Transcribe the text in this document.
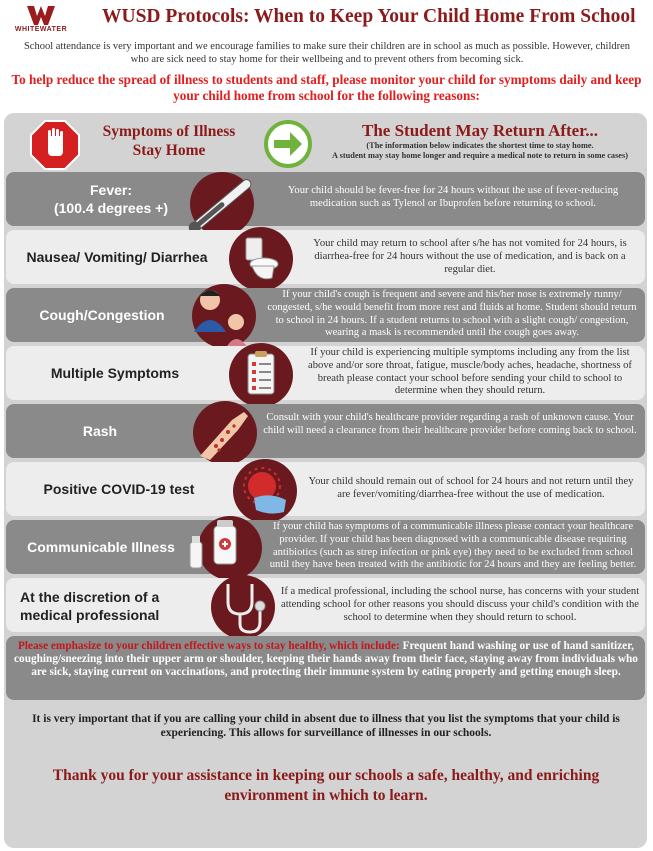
WHITEWATER
WUSD Protocols: When to Keep Your Child Home From School
School attendance is very important and we encourage families to make sure their children are in school as much as possible. However, children who are sick need to stay home for their wellbeing and to prevent others from becoming sick.
To help reduce the spread of illness to students and staff, please monitor your child for symptoms daily and keep your child home from school for the following reasons:
Symptoms of Illness
Stay Home
The Student May Return After...
(The information below indicates the shortest time to stay home.
A student may stay home longer and require a medical note to return in some cases)
Fever:
(100.4 degrees +)
Your child should be fever-free for 24 hours without the use of fever-reducing medication such as Tylenol or Ibuprofen before returning to school.
Nausea/ Vomiting/ Diarrhea
Your child may return to school after s/he has not vomited for 24 hours, is diarrhea-free for 24 hours without the use of medication, and is back on a regular diet.
Cough/Congestion
If your child's cough is frequent and severe and his/her nose is extremely runny/ congested, s/he would benefit from more rest and fluids at home. Student should return to school in 24 hours. If a student returns to school with a slight cough/ congestion, wearing a mask is recommended until the cough goes away.
Multiple Symptoms
If your child is experiencing multiple symptoms including any from the list above and/or sore throat, fatigue, muscle/body aches, headache, shortness of breath please contact your school before sending your child to school to determine when they should return.
Rash
Consult with your child's healthcare provider regarding a rash of unknown cause. Your child will need a clearance from their healthcare provider before coming back to school.
Positive COVID-19 test	Your child should remain out of school for 24 hours and not return until they are fever/vomiting/diarrhea-free without the use of medication.
Communicable Illness
If your child has symptoms of a communicable illness please contact your healthcare provider. If your child has been diagnosed with a communicable disease requiring antibiotics (such as strep infection or pink eye) they need to be excluded from school until they have been treated with the antibiotic for 24 hours and they are feeling better.
At the discretion of a medical professional
If a medical professional, including the school nurse, has concerns with your student attending school for other reasons you should discuss your child's condition with the school to determine when they should return to school.
Please emphasize to your children effective ways to stay healthy, which include: Frequent hand washing or use of hand sanitizer, coughing/sneezing into their upper arm or shoulder, keeping their hands away from their face, staying away from individuals who are sick, staying current on vaccinations, and protecting their immune system by eating properly and getting enough sleep.
It is very important that if you are calling your child in absent due to illness that you list the symptoms that your child is experiencing. This allows for surveillance of illnesses in our schools.
Thank you for your assistance in keeping our schools a safe, healthy, and enriching environment in which to learn.
